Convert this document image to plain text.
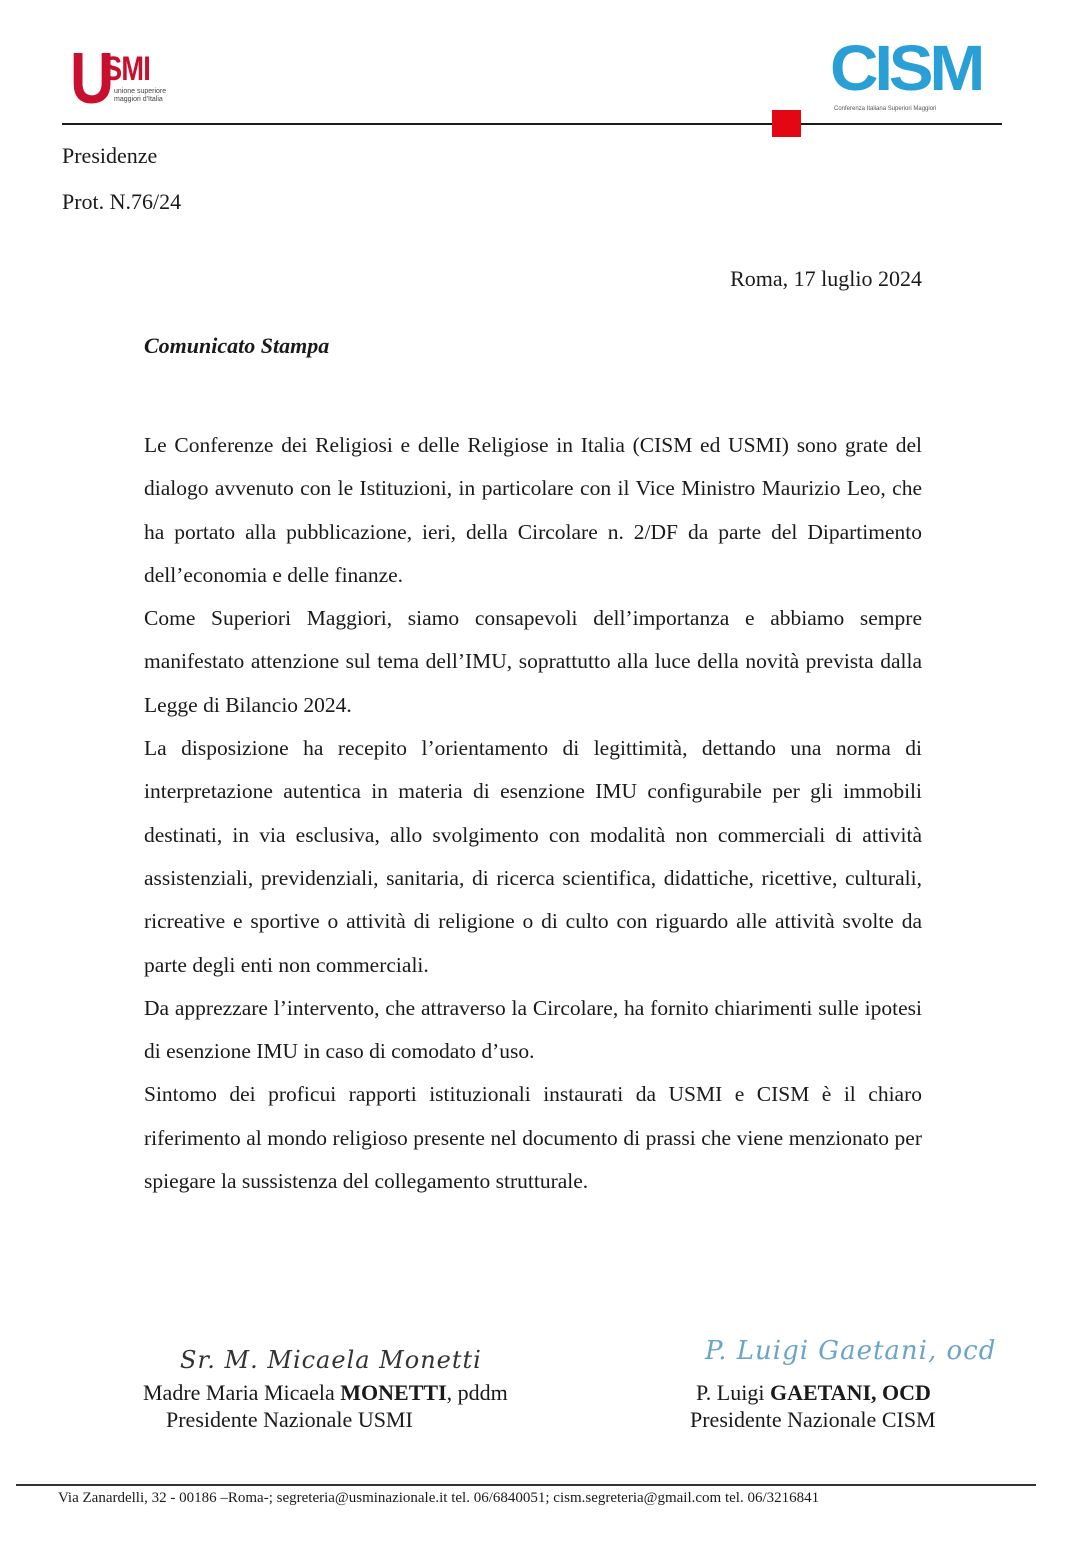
U
SMI
unione superiore maggiori d'Italia	CISM
Conferenza Italiana Superiori Maggiori
Presidenze
Prot. N.76/24
Roma, 17 luglio 2024
Comunicato Stampa

Le Conferenze dei Religiosi e delle Religiose in Italia (CISM ed USMI) sono grate del dialogo avvenuto con le Istituzioni, in particolare con il Vice Ministro Maurizio Leo, che ha portato alla pubblicazione, ieri, della Circolare n. 2/DF da parte del Dipartimento dell’economia e delle finanze.

Come Superiori Maggiori, siamo consapevoli dell’importanza e abbiamo sempre manifestato attenzione sul tema dell’IMU, soprattutto alla luce della novità prevista dalla Legge di Bilancio 2024.

La disposizione ha recepito l’orientamento di legittimità, dettando una norma di interpretazione autentica in materia di esenzione IMU configurabile per gli immobili destinati, in via esclusiva, allo svolgimento con modalità non commerciali di attività assistenziali, previdenziali, sanitaria, di ricerca scientifica, didattiche, ricettive, culturali, ricreative e sportive o attività di religione o di culto con riguardo alle attività svolte da parte degli enti non commerciali.

Da apprezzare l’intervento, che attraverso la Circolare, ha fornito chiarimenti sulle ipotesi di esenzione IMU in caso di comodato d’uso.

Sintomo dei proficui rapporti istituzionali instaurati da USMI e CISM è il chiaro riferimento al mondo religioso presente nel documento di prassi che viene menzionato per spiegare la sussistenza del collegamento strutturale.

Sr. M. Micaela Monetti
Madre Maria Micaela MONETTI, pddm
Presidente Nazionale USMI
P. Luigi Gaetani, ocd
P. Luigi GAETANI, OCD
Presidente Nazionale CISM
Via Zanardelli, 32 - 00186 –Roma-; segreteria@usminazionale.it tel. 06/6840051; cism.segreteria@gmail.com tel. 06/3216841
